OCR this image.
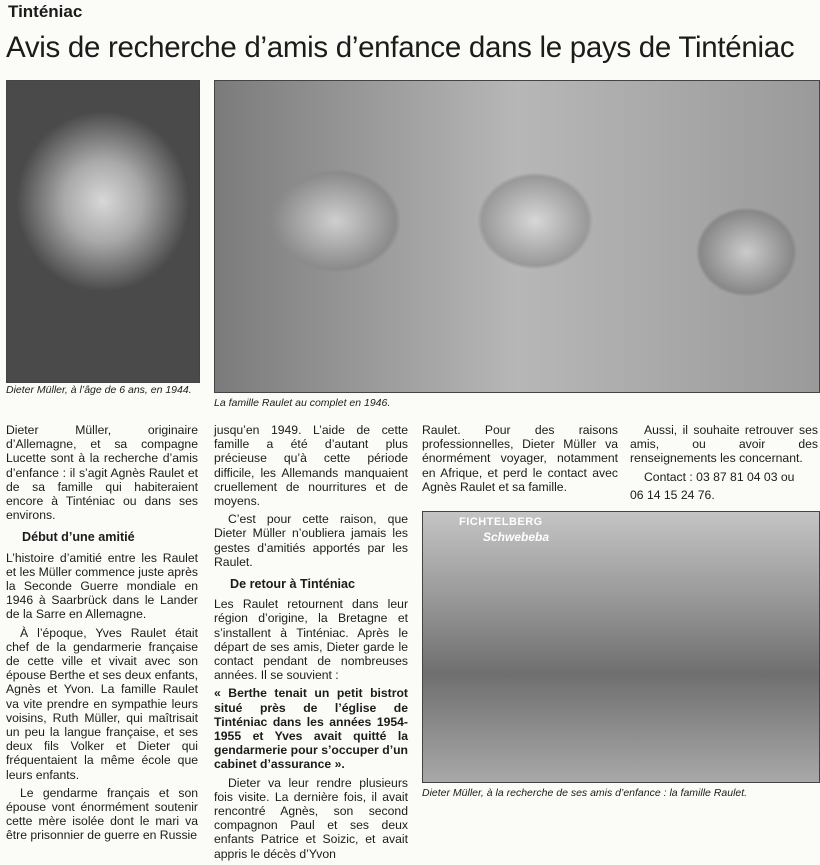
Tinténiac
Avis de recherche d’amis d’enfance dans le pays de Tinténiac
Dieter Müller, à l’âge de 6 ans, en 1944.
La famille Raulet au complet en 1946.
FICHTELBERG
Schwebeba
Dieter Müller, à la recherche de ses amis d’enfance : la famille Raulet.

Dieter Müller, originaire d’Allemagne, et sa compagne Lucette sont à la recherche d’amis d’enfance : il s’agit Agnès Raulet et de sa famille qui habiteraient encore à Tinténiac ou dans ses environs.

Début d’une amitié

L’histoire d’amitié entre les Raulet et les Müller commence juste après la Seconde Guerre mondiale en 1946 à Saarbrück dans le Lander de la Sarre en Allemagne.

À l’époque, Yves Raulet était chef de la gendarmerie française de cette ville et vivait avec son épouse Berthe et ses deux enfants, Agnès et Yvon. La famille Raulet va vite prendre en sympathie leurs voisins, Ruth Müller, qui maîtrisait un peu la langue française, et ses deux fils Volker et Dieter qui fréquentaient la même école que leurs enfants.

Le gendarme français et son épouse vont énormément soutenir cette mère isolée dont le mari va être prisonnier de guerre en Russie

jusqu’en 1949. L’aide de cette famille a été d’autant plus précieuse qu’à cette période difficile, les Allemands manquaient cruellement de nourritures et de moyens.

C’est pour cette raison, que Dieter Müller n’oubliera jamais les gestes d’amitiés apportés par les Raulet.

De retour à Tinténiac

Les Raulet retournent dans leur région d’origine, la Bretagne et s’installent à Tinténiac. Après le départ de ses amis, Dieter garde le contact pendant de nombreuses années. Il se souvient :

« Berthe tenait un petit bistrot situé près de l’église de Tinténiac dans les années 1954-1955 et Yves avait quitté la gendarmerie pour s’occuper d’un cabinet d’assurance ».

Dieter va leur rendre plusieurs fois visite. La dernière fois, il avait rencontré Agnès, son second compagnon Paul et ses deux enfants Patrice et Soizic, et avait appris le décès d’Yvon

Raulet. Pour des raisons professionnelles, Dieter Müller va énormément voyager, notamment en Afrique, et perd le contact avec Agnès Raulet et sa famille.

Aussi, il souhaite retrouver ses amis, ou avoir des renseignements les concernant.

Contact : 03 87 81 04 03 ou

06 14 15 24 76.
